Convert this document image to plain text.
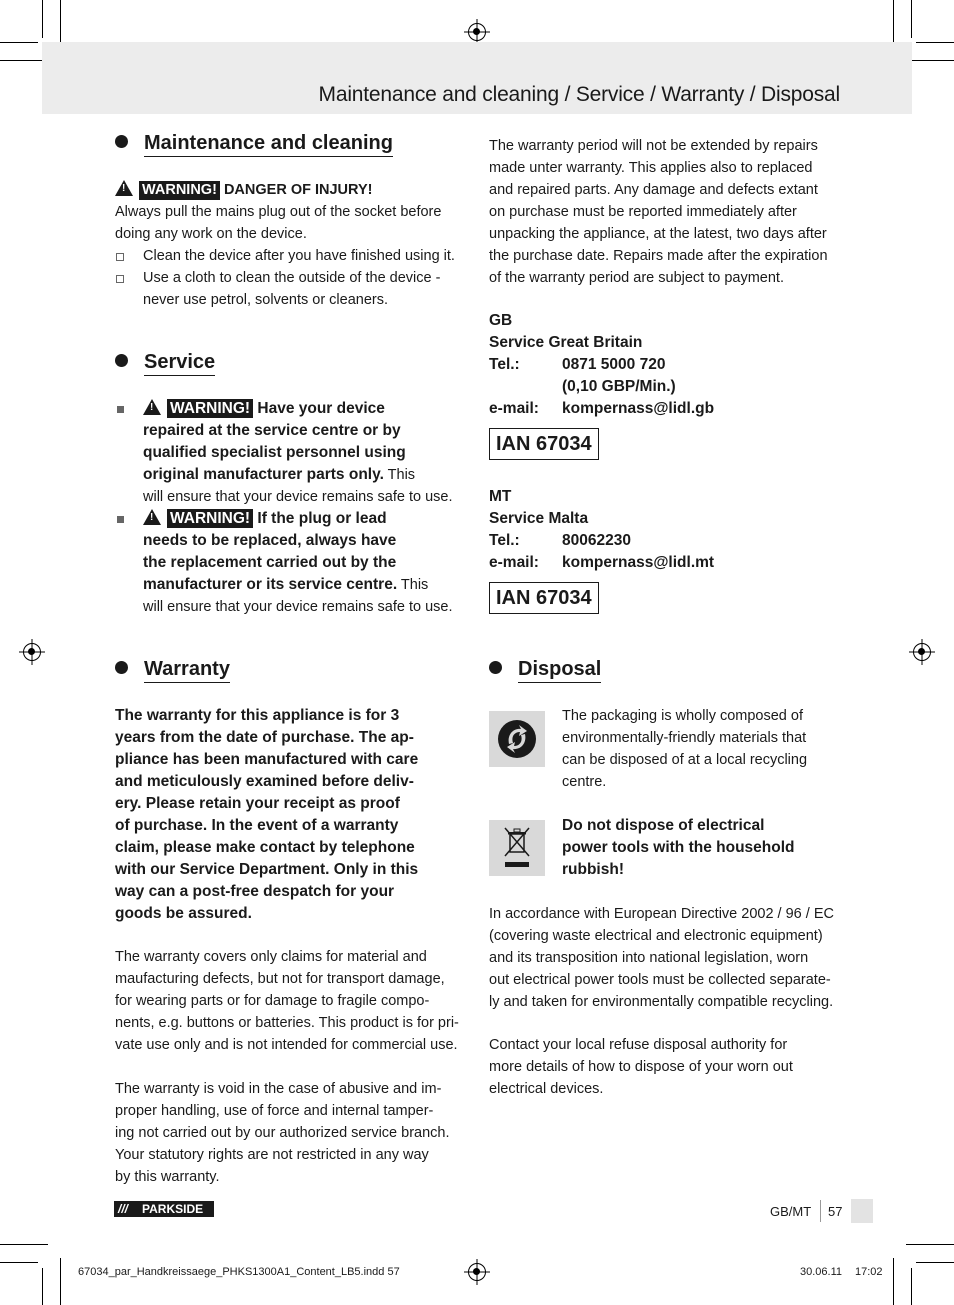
Maintenance and cleaning / Service / Warranty / Disposal
Maintenance and cleaning
! WARNING! DANGER OF INJURY!
Always pull the mains plug out of the socket before
doing any work on the device.
Clean the device after you have finished using it.
Use a cloth to clean the outside of the device -
never use petrol, solvents or cleaners.
Service
! WARNING! Have your device
repaired at the service centre or by
qualified specialist personnel using
original manufacturer parts only. This
will ensure that your device remains safe to use.
! WARNING! If the plug or lead
needs to be replaced, always have
the replacement carried out by the
manufacturer or its service centre. This
will ensure that your device remains safe to use.
Warranty
The warranty for this appliance is for 3
years from the date of purchase. The ap-
pliance has been manufactured with care
and meticulously examined before deliv-
ery. Please retain your receipt as proof
of purchase. In the event of a warranty
claim, please make contact by telephone
with our Service Department. Only in this
way can a post-free despatch for your
goods be assured.
The warranty covers only claims for material and
maufacturing defects, but not for transport damage,
for wearing parts or for damage to fragile compo-
nents, e.g. buttons or batteries. This product is for pri-
vate use only and is not intended for commercial use.
The warranty is void in the case of abusive and im-
proper handling, use of force and internal tamper-
ing not carried out by our authorized service branch.
Your statutory rights are not restricted in any way
by this warranty.
The warranty period will not be extended by repairs
made unter warranty. This applies also to replaced
and repaired parts. Any damage and defects extant
on purchase must be reported immediately after
unpacking the appliance, at the latest, two days after
the purchase date. Repairs made after the expiration
of the warranty period are subject to payment.
GB
Service Great Britain
Tel.:	0871 5000 720
(0,10 GBP/Min.)
e-mail: kompernass@lidl.gb
IAN 67034
MT
Service Malta
Tel.:	80062230
e-mail: kompernass@lidl.mt
IAN 67034
Disposal
The packaging is wholly composed of
environmentally-friendly materials that
can be disposed of at a local recycling
centre.
Do not dispose of electrical
power tools with the household
rubbish!
In accordance with European Directive 2002 / 96 / EC
(covering waste electrical and electronic equipment)
and its transposition into national legislation, worn
out electrical power tools must be collected separate-
ly and taken for environmentally compatible recycling.
Contact your local refuse disposal authority for
more details of how to dispose of your worn out
electrical devices.
/// PARKSIDE	GB/MT 57
67034_par_Handkreissaege_PHKS1300A1_Content_LB5.indd 57	30.06.11 17:02
